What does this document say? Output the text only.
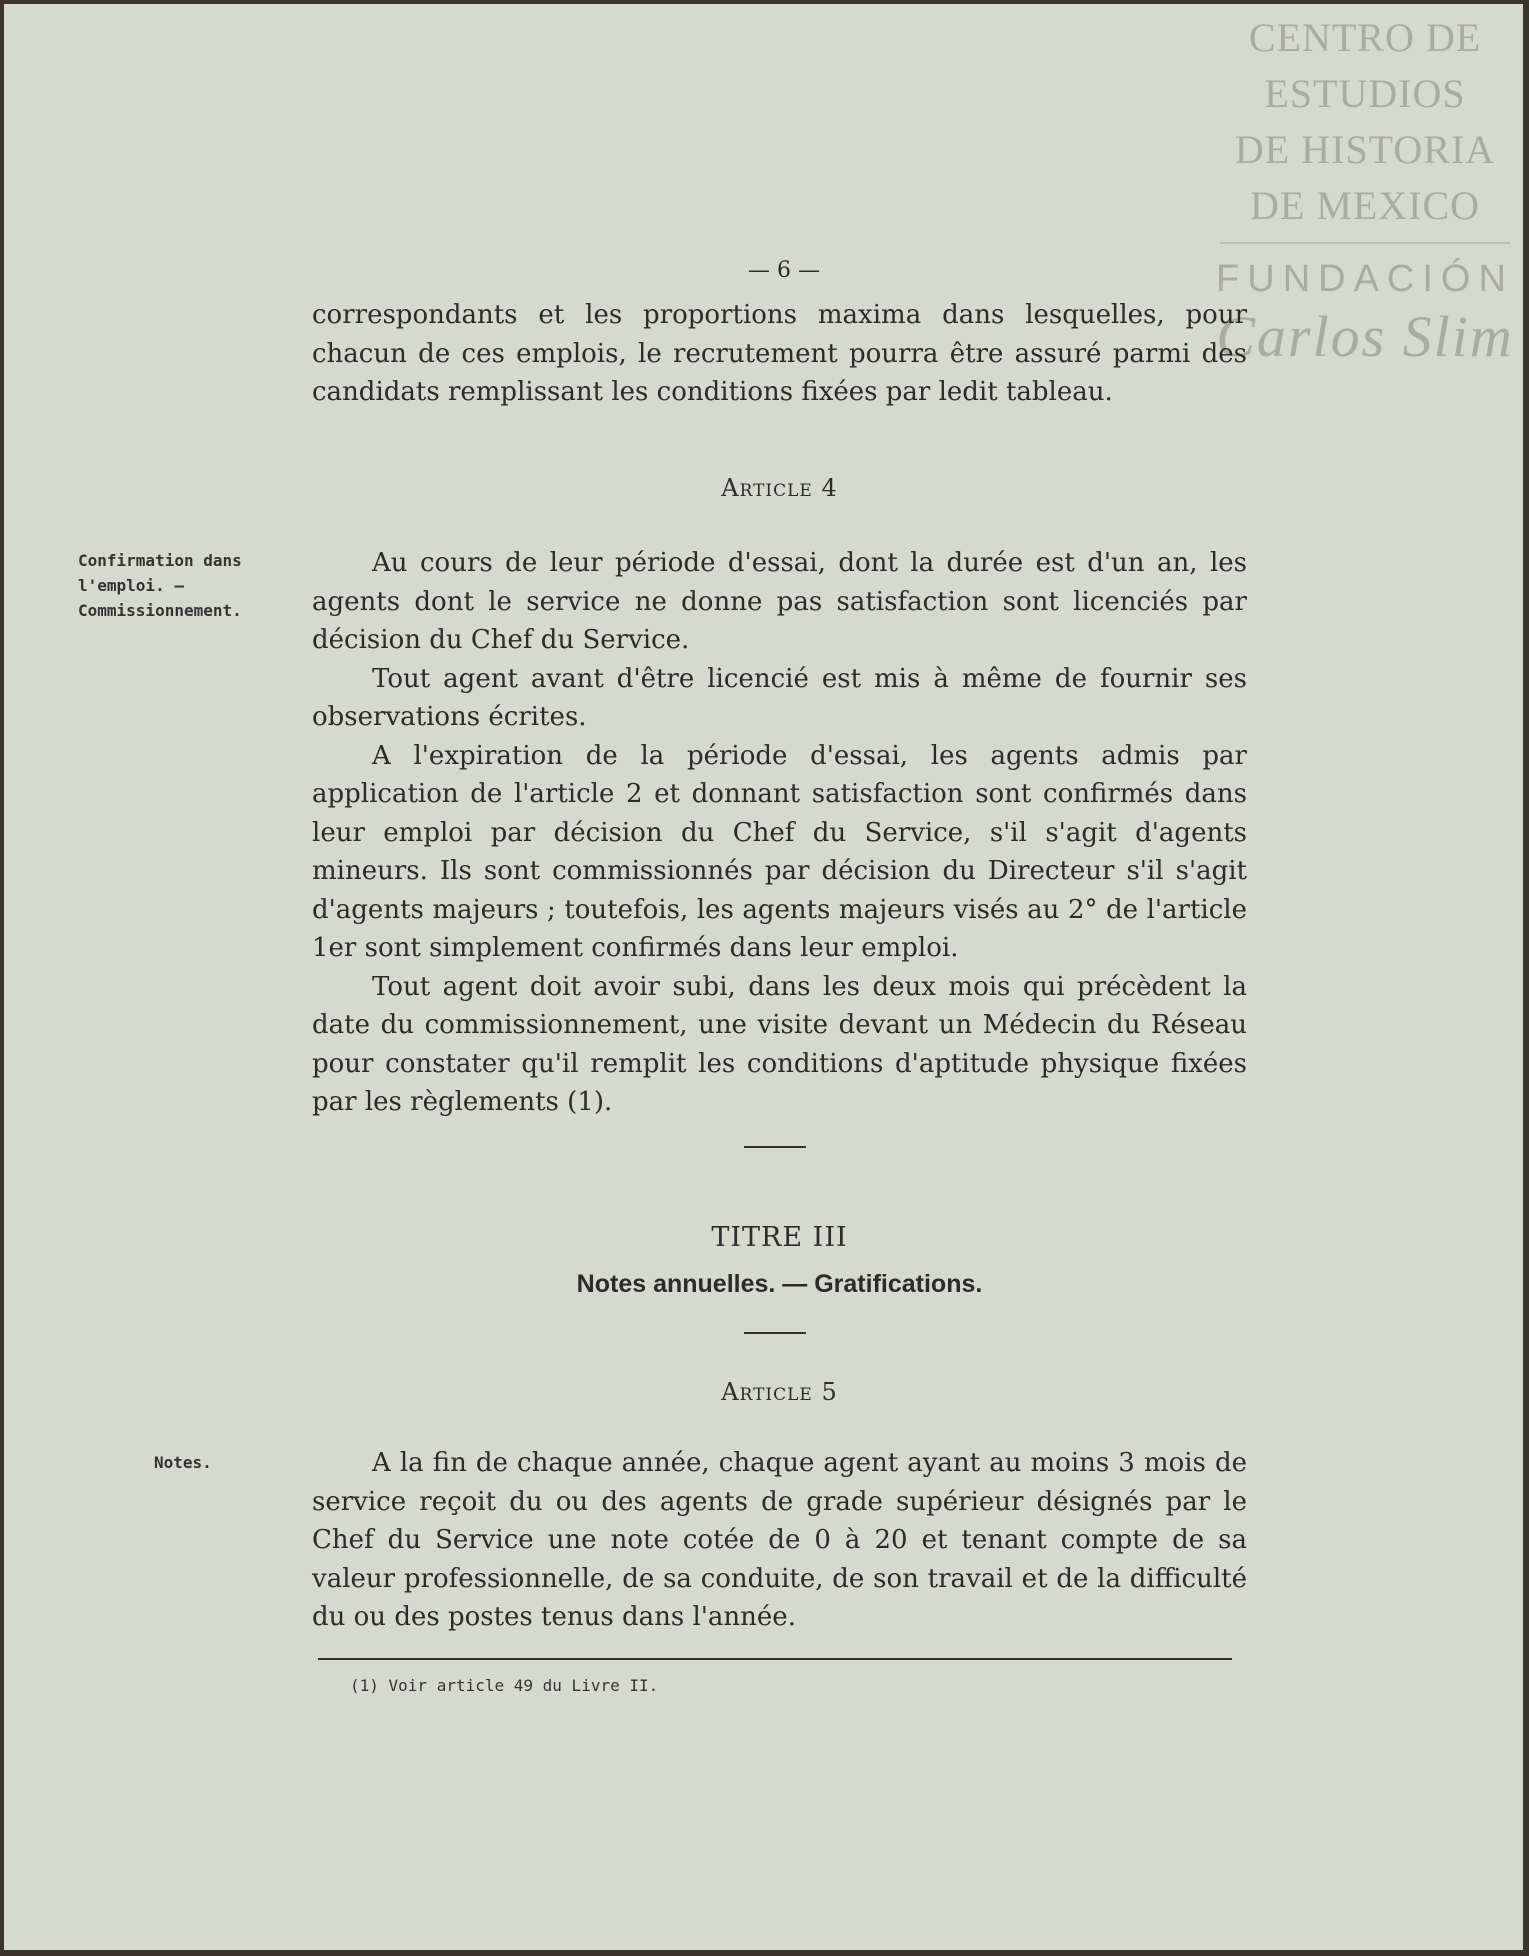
CENTRO DE
ESTUDIOS
DE HISTORIA
DE MEXICO
FUNDACIÓN
Carlos Slim
— 6 —

correspondants et les proportions maxima dans lesquelles, pour chacun de ces emplois, le recrutement pourra être assuré parmi des candidats remplissant les conditions fixées par ledit tableau.

Article 4
Confirmation dans l'emploi. — Commissionnement.

Au cours de leur période d'essai, dont la durée est d'un an, les agents dont le service ne donne pas satisfaction sont licenciés par décision du Chef du Service.

Tout agent avant d'être licencié est mis à même de fournir ses observations écrites.

A l'expiration de la période d'essai, les agents admis par application de l'article 2 et donnant satisfaction sont confirmés dans leur emploi par décision du Chef du Service, s'il s'agit d'agents mineurs. Ils sont commissionnés par décision du Directeur s'il s'agit d'agents majeurs ; toutefois, les agents majeurs visés au 2° de l'article 1er sont simplement confirmés dans leur emploi.

Tout agent doit avoir subi, dans les deux mois qui précèdent la date du commissionnement, une visite devant un Médecin du Réseau pour constater qu'il remplit les conditions d'aptitude physique fixées par les règlements (1).

TITRE III
Notes annuelles. — Gratifications.
Article 5
Notes.	A la fin de chaque année, chaque agent ayant au moins 3 mois de service reçoit du ou des agents de grade supérieur désignés par le Chef du Service une note cotée de 0 à 20 et tenant compte de sa valeur professionnelle, de sa conduite, de son travail et de la difficulté du ou des postes tenus dans l'année.

(1) Voir article 49 du Livre II.
